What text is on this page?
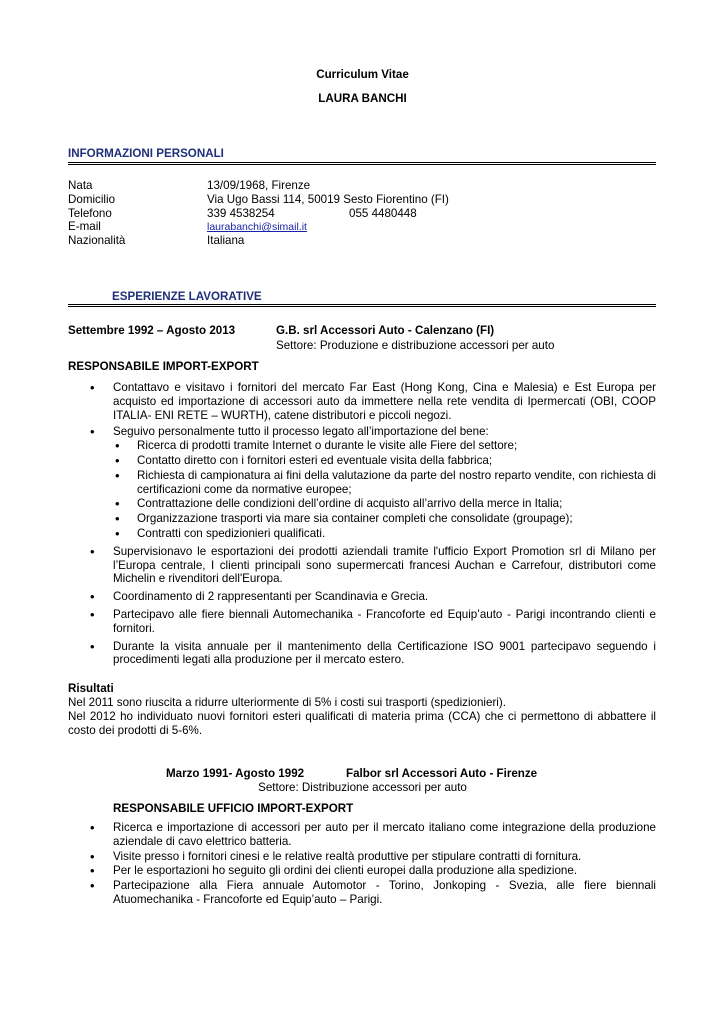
Curriculum Vitae
LAURA BANCHI
INFORMAZIONI PERSONALI
Nata	13/09/1968, Firenze
Domicilio	Via Ugo Bassi 114, 50019 Sesto Fiorentino (FI)
Telefono	339 4538254	055 4480448
E-mail	laurabanchi@simail.it
Nazionalità	Italiana
ESPERIENZE LAVORATIVE
Settembre 1992 – Agosto 2013	G.B. srl Accessori Auto - Calenzano (FI)
Settore: Produzione e distribuzione accessori per auto
RESPONSABILE IMPORT-EXPORT
• Contattavo e visitavo i fornitori del mercato Far East (Hong Kong, Cina e Malesia) e Est Europa per acquisto ed importazione di accessori auto da immettere nella rete vendita di Ipermercati (OBI, COOP ITALIA- ENI RETE – WURTH), catene distributori e piccoli negozi.
• Seguivo personalmente tutto il processo legato all’importazione del bene:
• Ricerca di prodotti tramite Internet o durante le visite alle Fiere del settore;
• Contatto diretto con i fornitori esteri ed eventuale visita della fabbrica;
• Richiesta di campionatura ai fini della valutazione da parte del nostro reparto vendite, con richiesta di certificazioni come da normative europee;
• Contrattazione delle condizioni dell’ordine di acquisto all’arrivo della merce in Italia;
• Organizzazione trasporti via mare sia container completi che consolidate (groupage);
• Contratti con spedizionieri qualificati.
• Supervisionavo le esportazioni dei prodotti aziendali tramite l'ufficio Export Promotion srl di Milano per l’Europa centrale, I clienti principali sono supermercati francesi Auchan e Carrefour, distributori come Michelin e rivenditori dell'Europa.
• Coordinamento di 2 rappresentanti per Scandinavia e Grecia.
• Partecipavo alle fiere biennali Automechanika - Francoforte ed Equip’auto - Parigi incontrando clienti e fornitori.
• Durante la visita annuale per il mantenimento della Certificazione ISO 9001 partecipavo seguendo i procedimenti legati alla produzione per il mercato estero.
Risultati
Nel 2011 sono riuscita a ridurre ulteriormente di 5% i costi sui trasporti (spedizionieri).
Nel 2012 ho individuato nuovi fornitori esteri qualificati di materia prima (CCA) che ci permettono di abbattere il costo dei prodotti di 5-6%.
Marzo 1991- Agosto 1992	Falbor srl Accessori Auto - Firenze
Settore: Distribuzione accessori per auto
RESPONSABILE UFFICIO IMPORT-EXPORT
• Ricerca e importazione di accessori per auto per il mercato italiano come integrazione della produzione aziendale di cavo elettrico batteria.
• Visite presso i fornitori cinesi e le relative realtà produttive per stipulare contratti di fornitura.
• Per le esportazioni ho seguito gli ordini dei clienti europei dalla produzione alla spedizione.
• Partecipazione alla Fiera annuale Automotor - Torino, Jonkoping - Svezia, alle fiere biennali Atuomechanika - Francoforte ed Equip’auto – Parigi.
